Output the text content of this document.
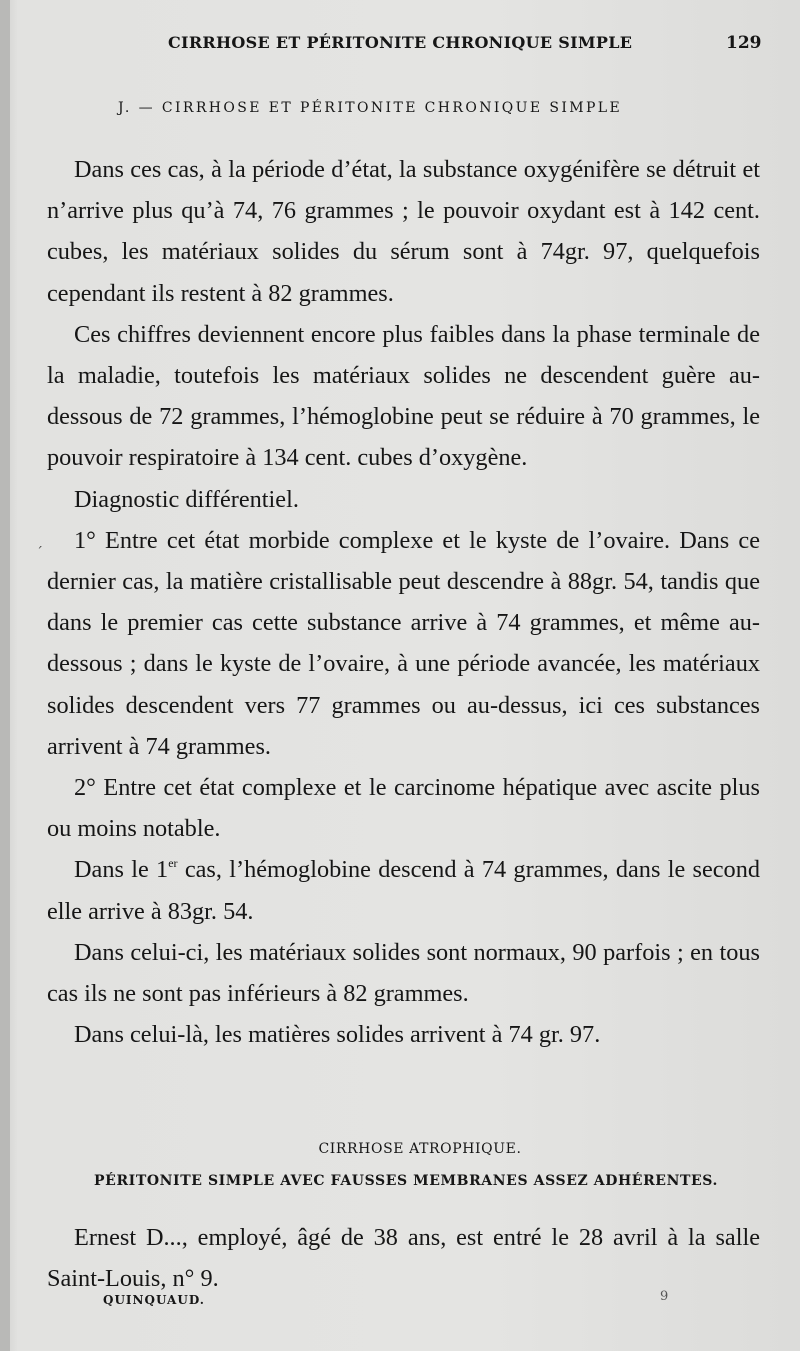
CIRRHOSE ET PÉRITONITE CHRONIQUE SIMPLE	129
J. — CIRRHOSE ET PÉRITONITE CHRONIQUE SIMPLE
´

Dans ces cas, à la période d’état, la substance oxygénifère se détruit et n’arrive plus qu’à 74, 76 grammes ; le pouvoir oxydant est à 142 cent. cubes, les matériaux solides du sérum sont à 74gr. 97, quelquefois cependant ils restent à 82 grammes.

Ces chiffres deviennent encore plus faibles dans la phase terminale de la maladie, toutefois les matériaux solides ne descendent guère au-dessous de 72 grammes, l’hémoglobine peut se réduire à 70 grammes, le pouvoir respiratoire à 134 cent. cubes d’oxygène.

Diagnostic différentiel.

1° Entre cet état morbide complexe et le kyste de l’ovaire. Dans ce dernier cas, la matière cristallisable peut descendre à 88gr. 54, tandis que dans le premier cas cette substance arrive à 74 grammes, et même au-dessous ; dans le kyste de l’ovaire, à une période avancée, les matériaux solides descendent vers 77 grammes ou au-dessus, ici ces substances arrivent à 74 grammes.

2° Entre cet état complexe et le carcinome hépatique avec ascite plus ou moins notable.

Dans le 1er cas, l’hémoglobine descend à 74 grammes, dans le second elle arrive à 83gr. 54.

Dans celui-ci, les matériaux solides sont normaux, 90 parfois ; en tous cas ils ne sont pas inférieurs à 82 grammes.

Dans celui-là, les matières solides arrivent à 74 gr. 97.

CIRRHOSE ATROPHIQUE.
PÉRITONITE SIMPLE AVEC FAUSSES MEMBRANES ASSEZ ADHÉRENTES.

Ernest D..., employé, âgé de 38 ans, est entré le 28 avril à la salle Saint-Louis, n° 9.

QUINQUAUD.	9
